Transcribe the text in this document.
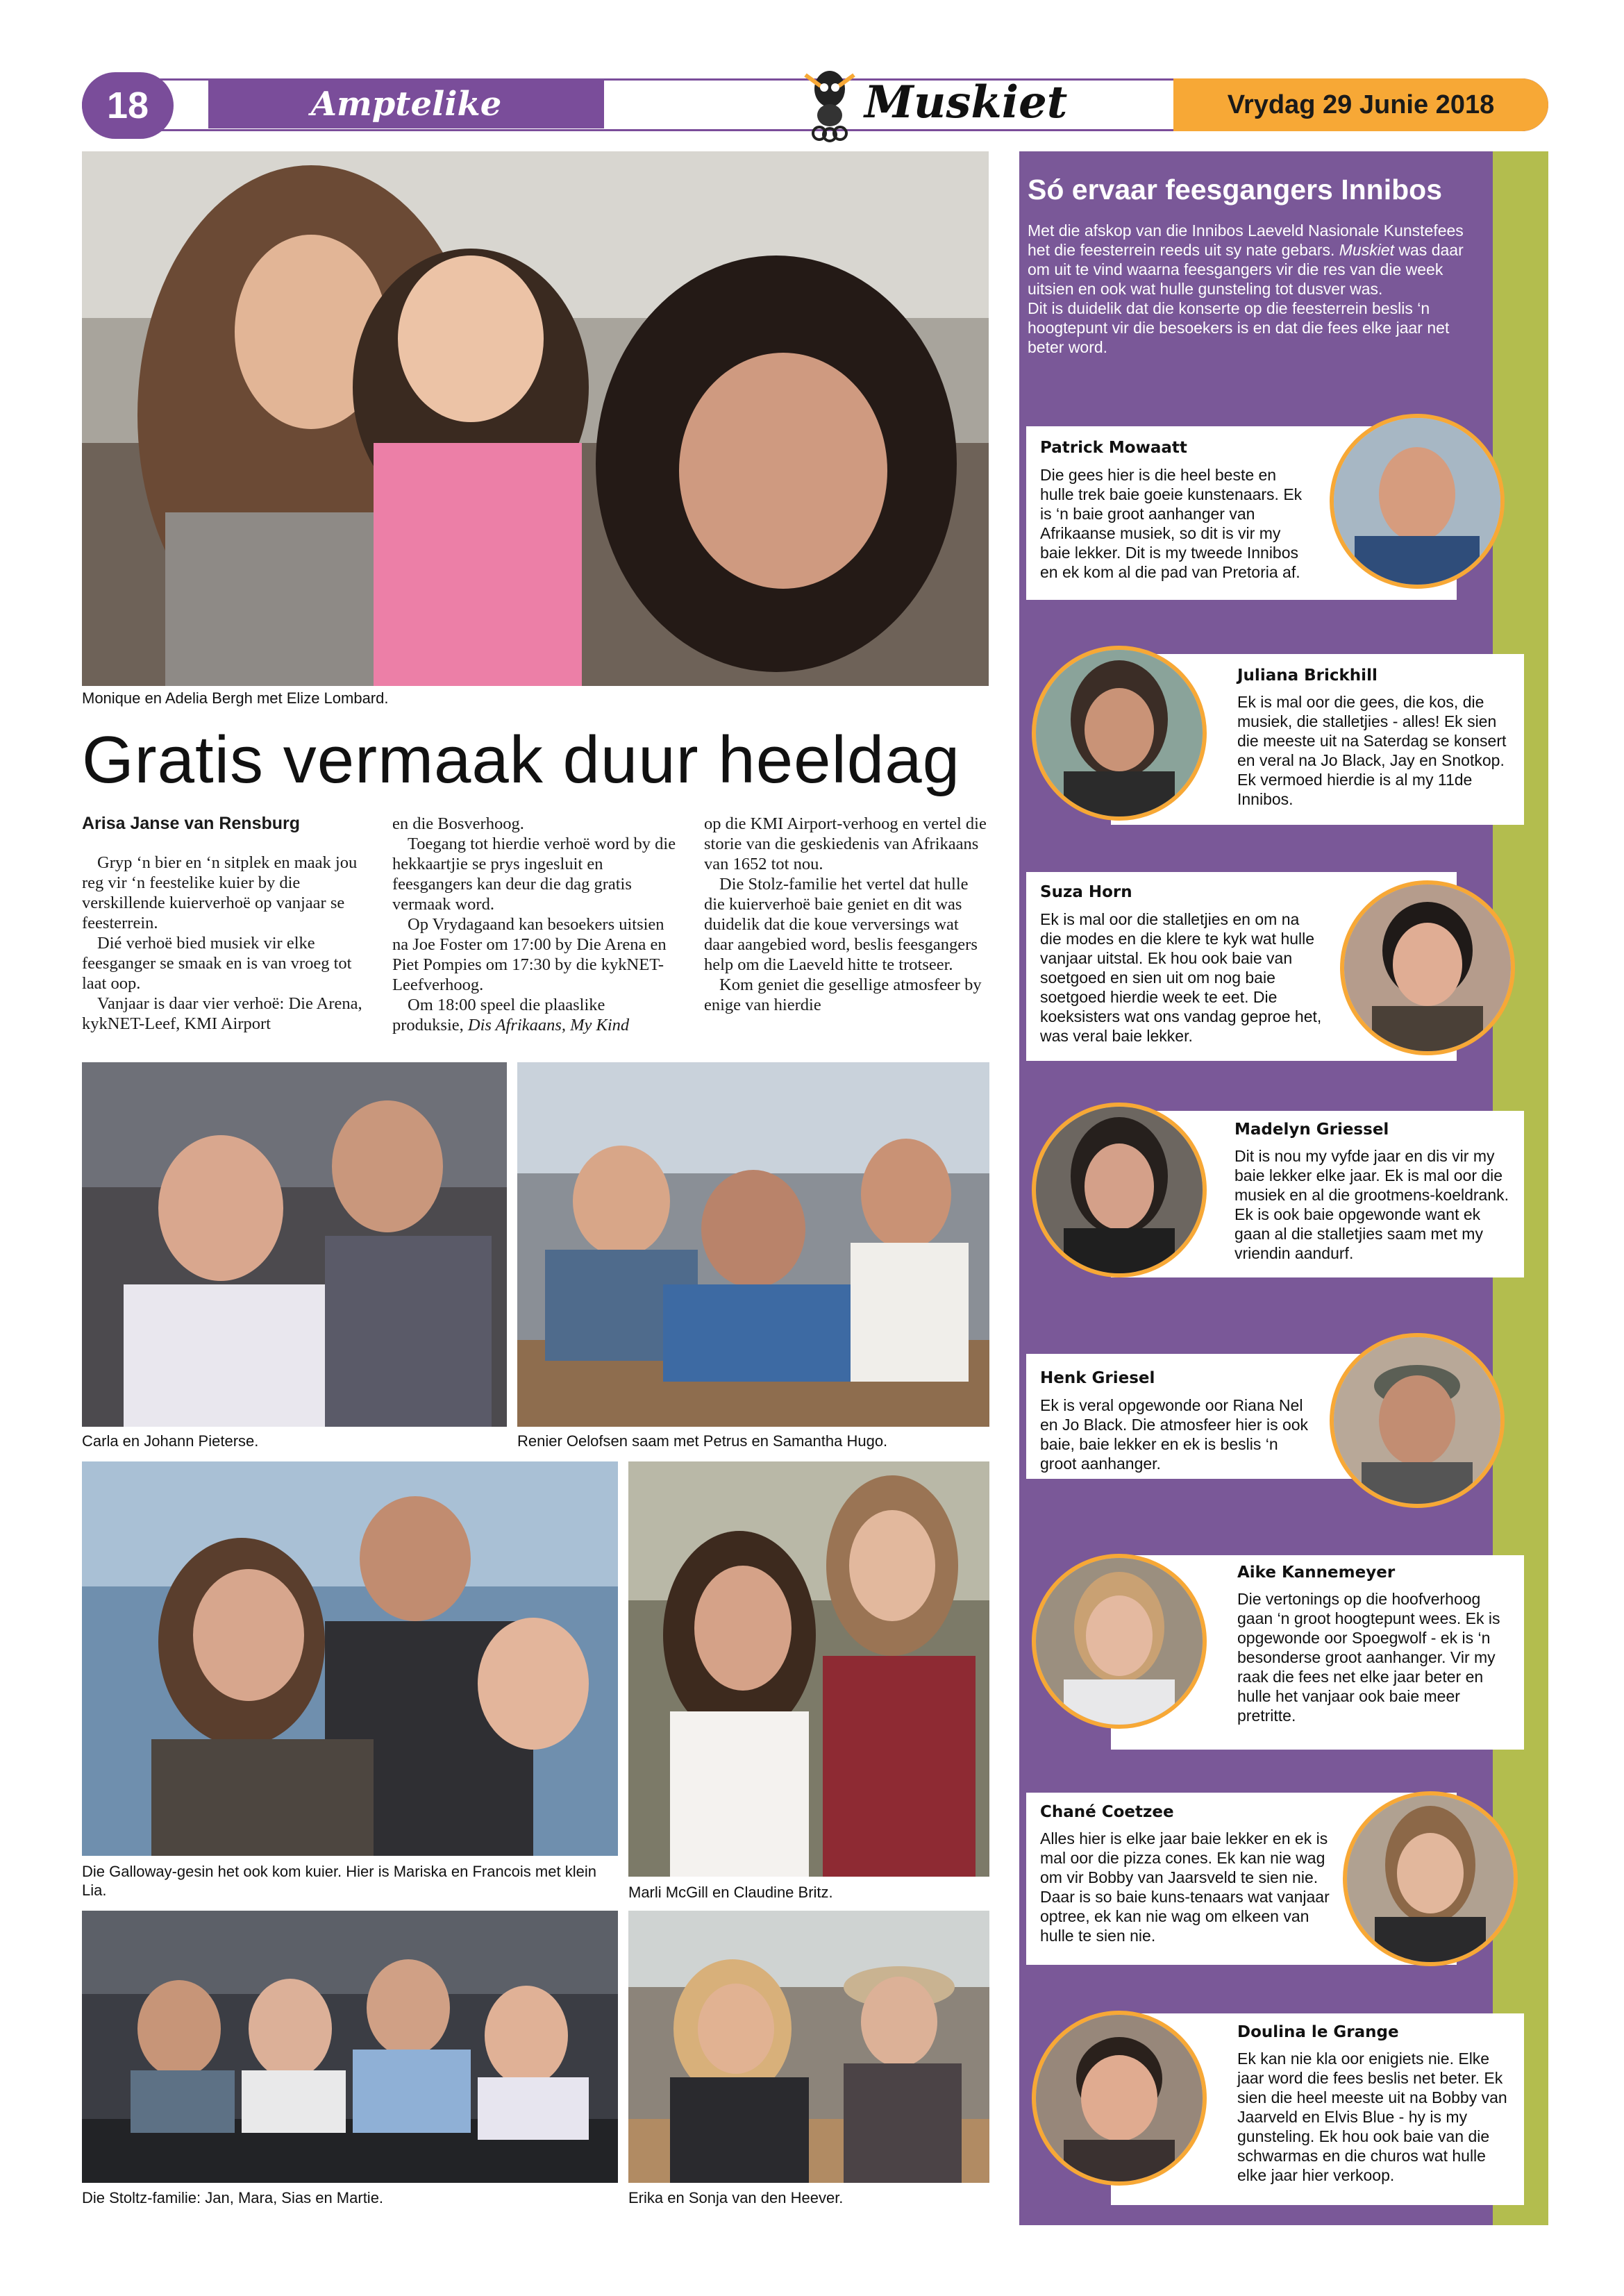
18	Amptelike	Muskiet	Vrydag 29 Junie 2018
Monique en Adelia Bergh met Elize Lombard.
Gratis vermaak duur heeldag
Arisa Janse van Rensburg

Gryp ‘n bier en ‘n sitplek en maak jou reg vir ‘n feestelike kuier by die verskillende kuierverhoë op vanjaar se feesterrein.

Dié verhoë bied musiek vir elke feesganger se smaak en is van vroeg tot laat oop.

Vanjaar is daar vier verhoë: Die Arena, kykNET-Leef, KMI Airport

en die Bosverhoog.

Toegang tot hierdie verhoë word by die hekkaartjie se prys ingesluit en feesgangers kan deur die dag gratis vermaak word.

Op Vrydagaand kan besoekers uitsien na Joe Foster om 17:00 by Die Arena en Piet Pompies om 17:30 by die kykNET-Leefverhoog.

Om 18:00 speel die plaaslike produksie, Dis Afrikaans, My Kind

op die KMI Airport-verhoog en vertel die storie van die geskiedenis van Afrikaans van 1652 tot nou.

Die Stolz-familie het vertel dat hulle die kuierverhoë baie geniet en dit was duidelik dat die koue verversings wat daar aangebied word, beslis feesgangers help om die Laeveld hitte te trotseer.

Kom geniet die gesellige atmosfeer by enige van hierdie

Carla en Johann Pieterse.	Renier Oelofsen saam met Petrus en Samantha Hugo.
Die Galloway-gesin het ook kom kuier. Hier is Mariska en Francois met klein Lia.	Marli McGill en Claudine Britz.
Die Stoltz-familie: Jan, Mara, Sias en Martie.	Erika en Sonja van den Heever.
Só ervaar feesgangers Innibos
Met die afskop van die Innibos Laeveld Nasionale Kunstefees het die feesterrein reeds uit sy nate gebars. Muskiet was daar om uit te vind waarna feesgangers vir die res van die week uitsien en ook wat hulle gunsteling tot dusver was.
Dit is duidelik dat die konserte op die feesterrein beslis ‘n hoogtepunt vir die besoekers is en dat die fees elke jaar net beter word.
Patrick Mowaatt
Die gees hier is die heel beste en hulle trek baie goeie kunstenaars. Ek is ‘n baie groot aanhanger van Afrikaanse musiek, so dit is vir my baie lekker. Dit is my tweede Innibos en ek kom al die pad van Pretoria af.
Juliana Brickhill
Ek is mal oor die gees, die kos, die musiek, die stalletjies - alles! Ek sien die meeste uit na Saterdag se konsert en veral na Jo Black, Jay en Snotkop. Ek vermoed hierdie is al my 11de Innibos.
Suza Horn
Ek is mal oor die stalletjies en om na die modes en die klere te kyk wat hulle vanjaar uitstal. Ek hou ook baie van soetgoed en sien uit om nog baie soetgoed hierdie week te eet. Die koeksisters wat ons vandag geproe het, was veral baie lekker.
Madelyn Griessel
Dit is nou my vyfde jaar en dis vir my baie lekker elke jaar. Ek is mal oor die musiek en al die grootmens-koeldrank. Ek is ook baie opgewonde want ek gaan al die stalletjies saam met my vriendin aandurf.
Henk Griesel
Ek is veral opgewonde oor Riana Nel en Jo Black. Die atmosfeer hier is ook baie, baie lekker en ek is beslis ‘n groot aanhanger.
Aike Kannemeyer
Die vertonings op die hoofverhoog gaan ‘n groot hoogtepunt wees. Ek is opgewonde oor Spoegwolf - ek is ‘n besonderse groot aanhanger. Vir my raak die fees net elke jaar beter en hulle het vanjaar ook baie meer pretritte.
Chané Coetzee
Alles hier is elke jaar baie lekker en ek is mal oor die pizza cones. Ek kan nie wag om vir Bobby van Jaarsveld te sien nie. Daar is so baie kuns-tenaars wat vanjaar optree, ek kan nie wag om elkeen van hulle te sien nie.
Doulina le Grange
Ek kan nie kla oor enigiets nie. Elke jaar word die fees beslis net beter. Ek sien die heel meeste uit na Bobby van Jaarveld en Elvis Blue - hy is my gunsteling. Ek hou ook baie van die schwarmas en die churos wat hulle elke jaar hier verkoop.
